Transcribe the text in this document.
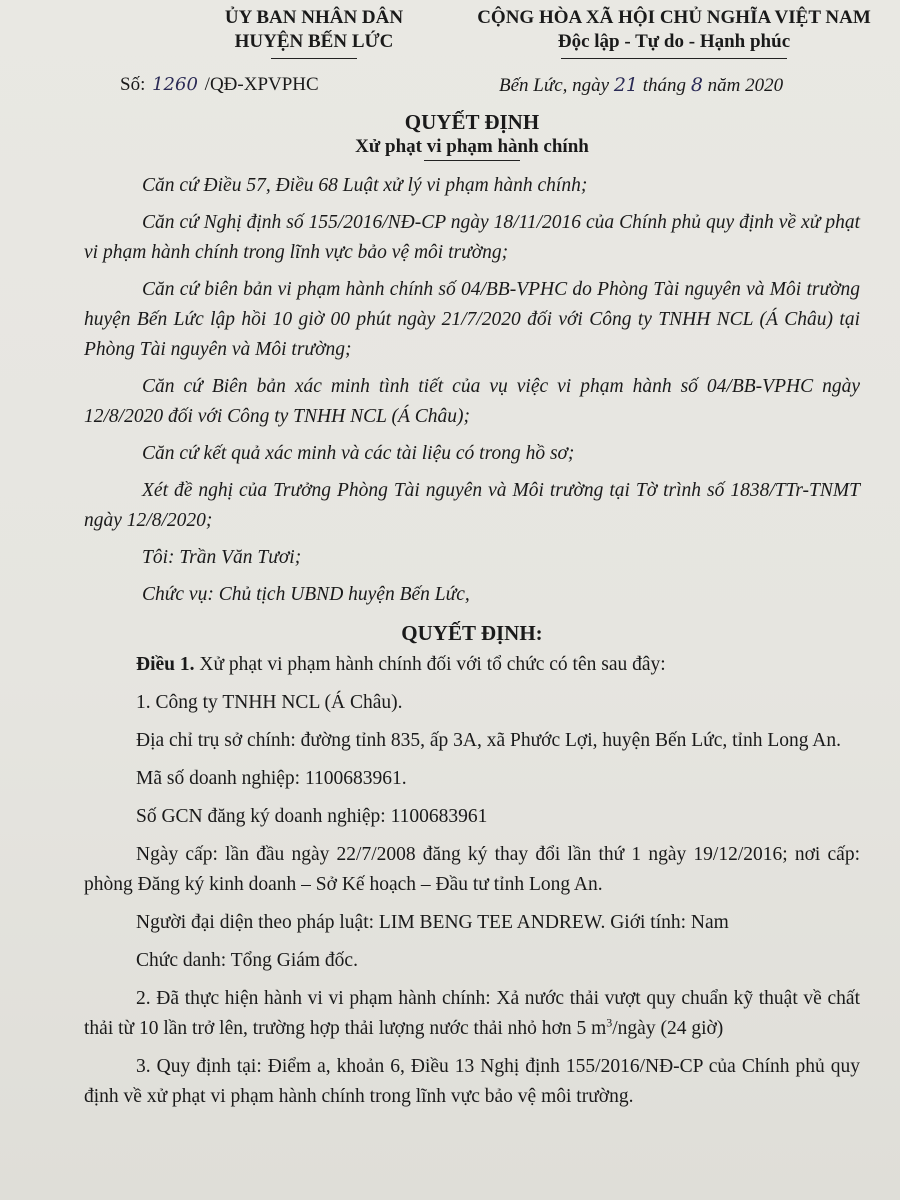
ỦY BAN NHÂN DÂN
HUYỆN BẾN LỨC
CỘNG HÒA XÃ HỘI CHỦ NGHĨA VIỆT NAM
Độc lập - Tự do - Hạnh phúc
Số: 1260 /QĐ-XPVPHC	Bến Lức, ngày 21 tháng 8 năm 2020
QUYẾT ĐỊNH
Xử phạt vi phạm hành chính

Căn cứ Điều 57, Điều 68 Luật xử lý vi phạm hành chính;

Căn cứ Nghị định số 155/2016/NĐ-CP ngày 18/11/2016 của Chính phủ quy định về xử phạt vi phạm hành chính trong lĩnh vực bảo vệ môi trường;

Căn cứ biên bản vi phạm hành chính số 04/BB-VPHC do Phòng Tài nguyên và Môi trường huyện Bến Lức lập hồi 10 giờ 00 phút ngày 21/7/2020 đối với Công ty TNHH NCL (Á Châu) tại Phòng Tài nguyên và Môi trường;

Căn cứ Biên bản xác minh tình tiết của vụ việc vi phạm hành số 04/BB-VPHC ngày 12/8/2020 đối với Công ty TNHH NCL (Á Châu);

Căn cứ kết quả xác minh và các tài liệu có trong hồ sơ;

Xét đề nghị của Trưởng Phòng Tài nguyên và Môi trường tại Tờ trình số 1838/TTr-TNMT ngày 12/8/2020;

Tôi: Trần Văn Tươi;

Chức vụ: Chủ tịch UBND huyện Bến Lức,

QUYẾT ĐỊNH:

Điều 1. Xử phạt vi phạm hành chính đối với tổ chức có tên sau đây:

1. Công ty TNHH NCL (Á Châu).

Địa chỉ trụ sở chính: đường tỉnh 835, ấp 3A, xã Phước Lợi, huyện Bến Lức, tỉnh Long An.

Mã số doanh nghiệp: 1100683961.

Số GCN đăng ký doanh nghiệp: 1100683961

Ngày cấp: lần đầu ngày 22/7/2008 đăng ký thay đổi lần thứ 1 ngày 19/12/2016; nơi cấp: phòng Đăng ký kinh doanh – Sở Kế hoạch – Đầu tư tỉnh Long An.

Người đại diện theo pháp luật: LIM BENG TEE ANDREW. Giới tính: Nam

Chức danh: Tổng Giám đốc.

2. Đã thực hiện hành vi vi phạm hành chính: Xả nước thải vượt quy chuẩn kỹ thuật về chất thải từ 10 lần trở lên, trường hợp thải lượng nước thải nhỏ hơn 5 $m^3$/ngày (24 giờ)

3. Quy định tại: Điểm a, khoản 6, Điều 13 Nghị định 155/2016/NĐ-CP của Chính phủ quy định về xử phạt vi phạm hành chính trong lĩnh vực bảo vệ môi trường.
